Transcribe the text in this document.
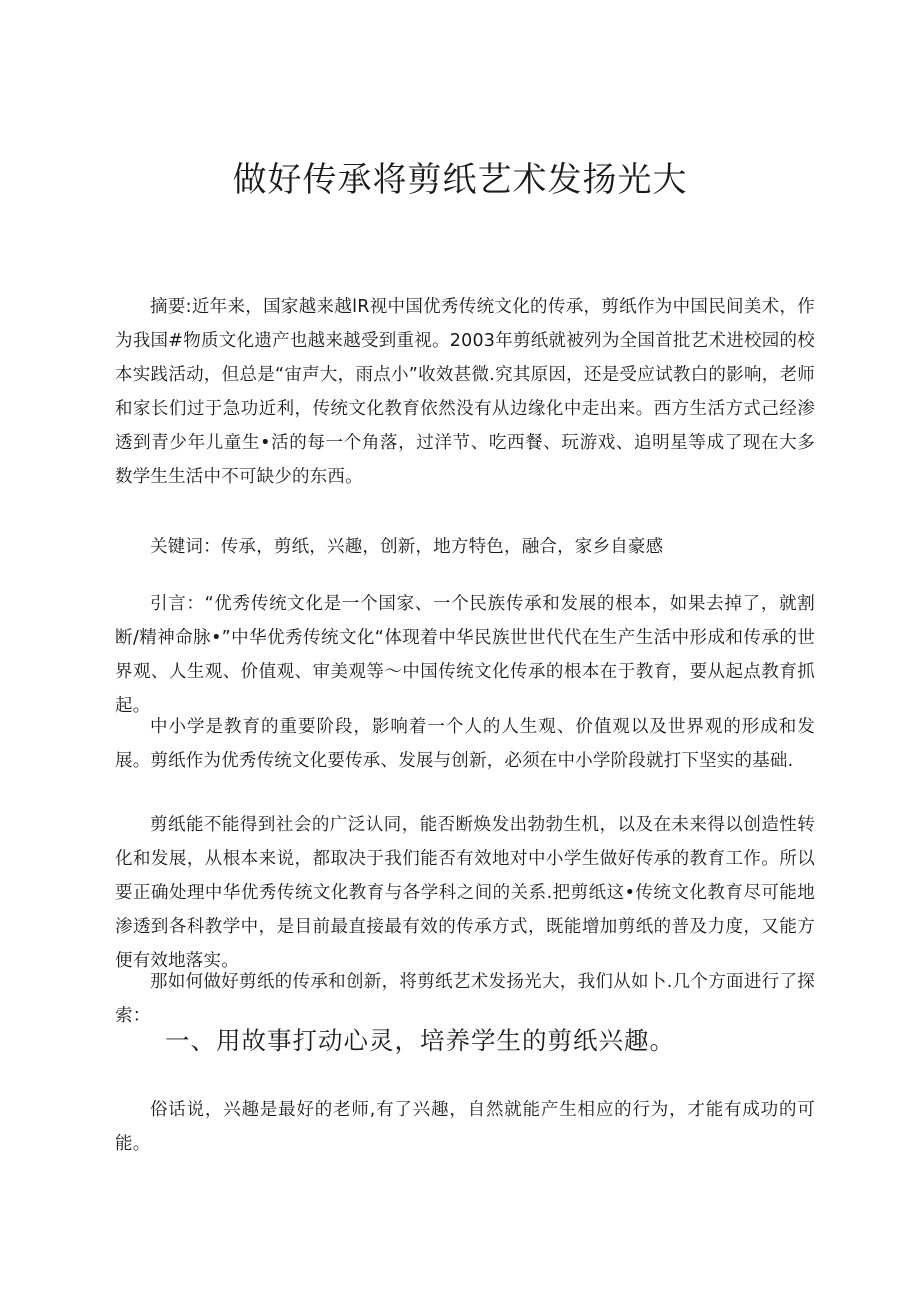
做好传承将剪纸艺术发扬光大

摘要:近年来，国家越来越lR视中国优秀传统文化的传承，剪纸作为中国民间美术，作为我国#物质文化遗产也越来越受到重视。2003年剪纸就被列为全国首批艺术进校园的校本实践活动，但总是“宙声大，雨点小”收效甚微.究其原因，还是受应试教白的影响，老师和家长们过于急功近利，传统文化教育依然没有从边缘化中走出来。西方生活方式己经渗透到青少年儿童生•活的每一个角落，过洋节、吃西餐、玩游戏、追明星等成了现在大多数学生生活中不可缺少的东西。

关键词：传承，剪纸，兴趣，创新，地方特色，融合，家乡自豪感

引言：“优秀传统文化是一个国家、一个民族传承和发展的根本，如果去掉了，就割断/精神命脉•”中华优秀传统文化“体现着中华民族世世代代在生产生活中形成和传承的世界观、人生观、价值观、审美观等〜中国传统文化传承的根本在于教育，要从起点教育抓起。

中小学是教育的重要阶段，影响着一个人的人生观、价值观以及世界观的形成和发展。剪纸作为优秀传统文化要传承、发展与创新，必须在中小学阶段就打下坚实的基础.

剪纸能不能得到社会的广泛认同，能否断焕发出勃勃生机，以及在未来得以创造性转化和发展，从根本来说，都取决于我们能否有效地对中小学生做好传承的教育工作。所以要正确处理中华优秀传统文化教育与各学科之间的关系.把剪纸这•传统文化教育尽可能地渗透到各科教学中，是目前最直接最有效的传承方式，既能增加剪纸的普及力度，又能方便有效地落实。

那如何做好剪纸的传承和创新，将剪纸艺术发扬光大，我们从如卜.几个方面进行了探索：

一、用故事打动心灵，培养学生的剪纸兴趣。

俗话说，兴趣是最好的老师,有了兴趣，自然就能产生相应的行为，才能有成功的可能。
